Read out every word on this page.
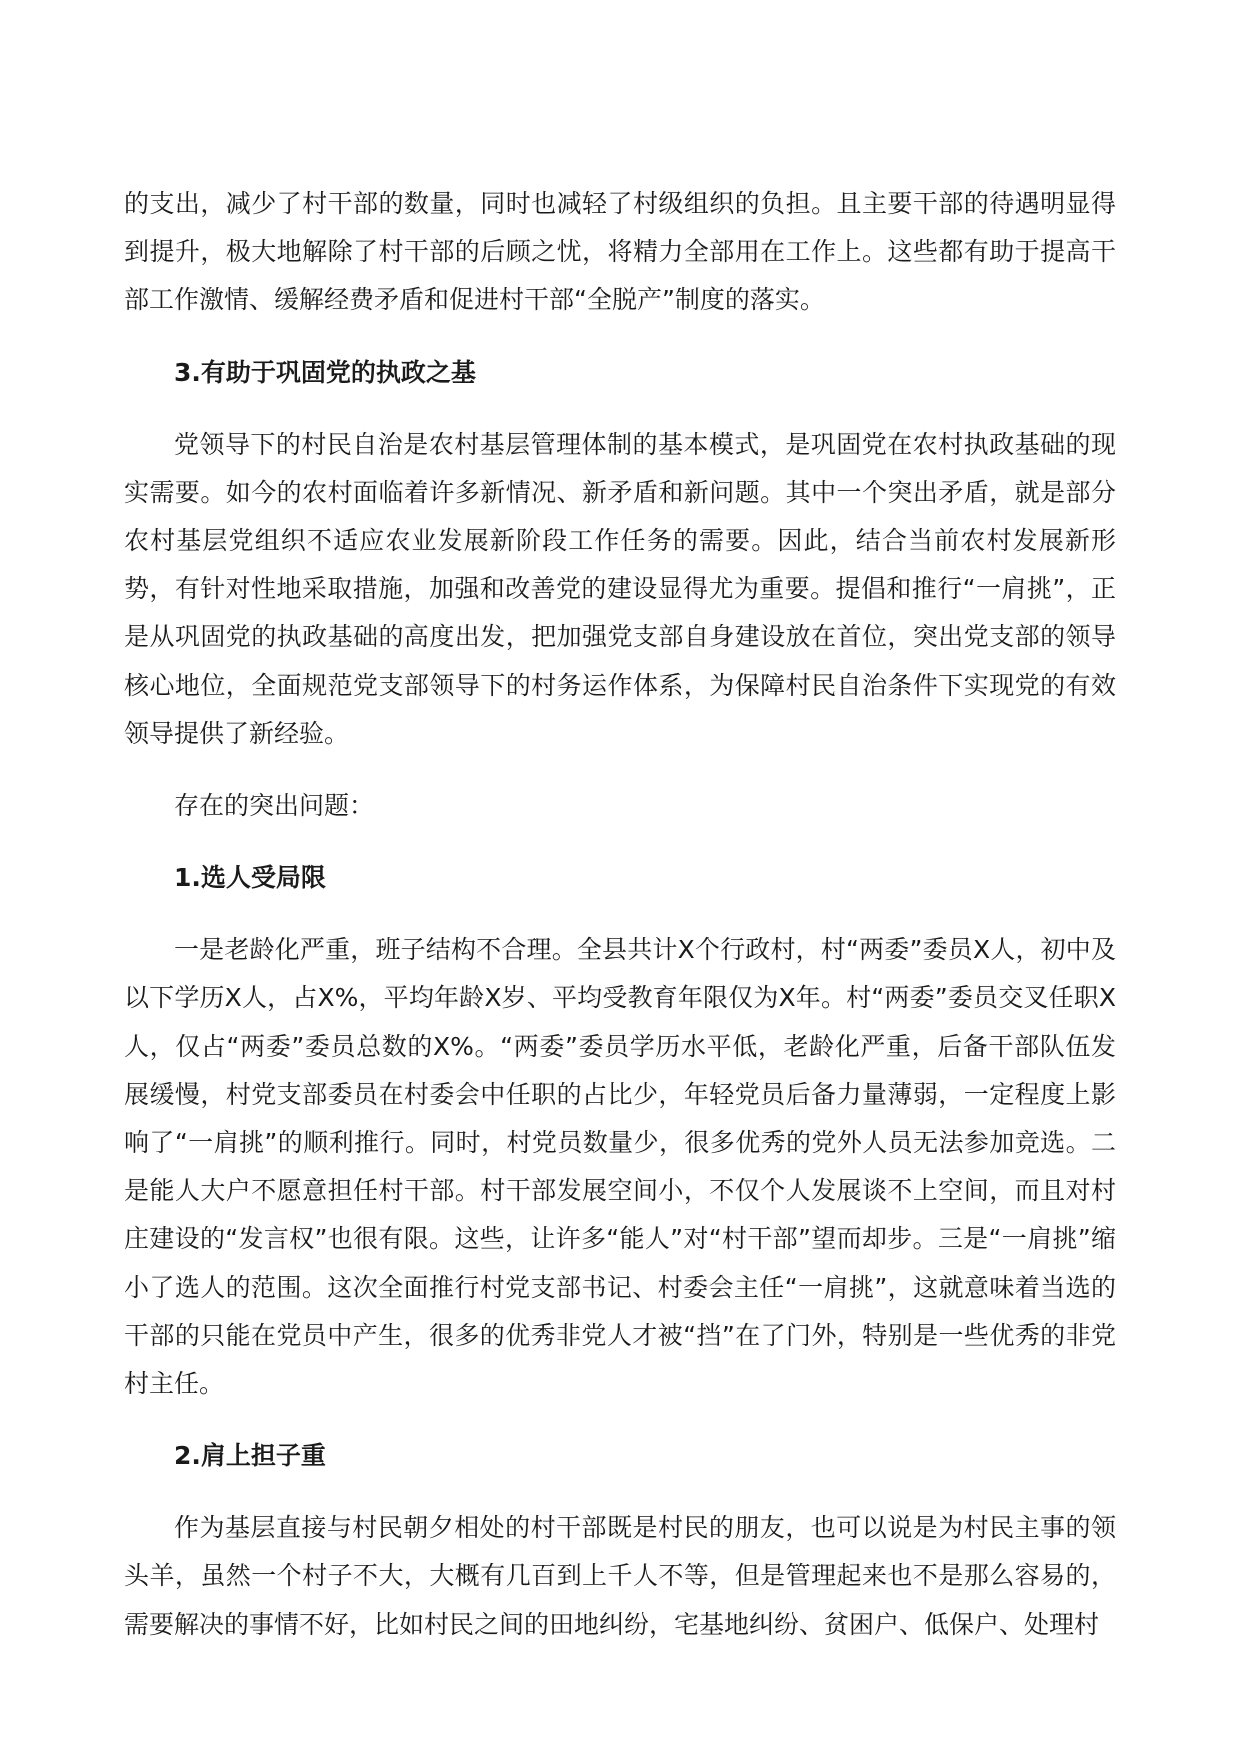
的支出，减少了村干部的数量，同时也减轻了村级组织的负担。且主要干部的待遇明显得到提升，极大地解除了村干部的后顾之忧，将精力全部用在工作上。这些都有助于提高干部工作激情、缓解经费矛盾和促进村干部“全脱产”制度的落实。

3.有助于巩固党的执政之基

党领导下的村民自治是农村基层管理体制的基本模式，是巩固党在农村执政基础的现实需要。如今的农村面临着许多新情况、新矛盾和新问题。其中一个突出矛盾，就是部分农村基层党组织不适应农业发展新阶段工作任务的需要。因此，结合当前农村发展新形势，有针对性地采取措施，加强和改善党的建设显得尤为重要。提倡和推行“一肩挑”，正是从巩固党的执政基础的高度出发，把加强党支部自身建设放在首位，突出党支部的领导核心地位，全面规范党支部领导下的村务运作体系，为保障村民自治条件下实现党的有效领导提供了新经验。

存在的突出问题：

1.选人受局限

一是老龄化严重，班子结构不合理。全县共计X个行政村，村“两委”委员X人，初中及以下学历X人，占X%，平均年龄X岁、平均受教育年限仅为X年。村“两委”委员交叉任职X人，仅占“两委”委员总数的X%。“两委”委员学历水平低，老龄化严重，后备干部队伍发展缓慢，村党支部委员在村委会中任职的占比少，年轻党员后备力量薄弱，一定程度上影响了“一肩挑”的顺利推行。同时，村党员数量少，很多优秀的党外人员无法参加竞选。二是能人大户不愿意担任村干部。村干部发展空间小，不仅个人发展谈不上空间，而且对村庄建设的“发言权”也很有限。这些，让许多“能人”对“村干部”望而却步。三是“一肩挑”缩小了选人的范围。这次全面推行村党支部书记、村委会主任“一肩挑”，这就意味着当选的干部的只能在党员中产生，很多的优秀非党人才被“挡”在了门外，特别是一些优秀的非党村主任。

2.肩上担子重

作为基层直接与村民朝夕相处的村干部既是村民的朋友，也可以说是为村民主事的领头羊，虽然一个村子不大，大概有几百到上千人不等，但是管理起来也不是那么容易的，需要解决的事情不好，比如村民之间的田地纠纷，宅基地纠纷、贫困户、低保户、处理村
